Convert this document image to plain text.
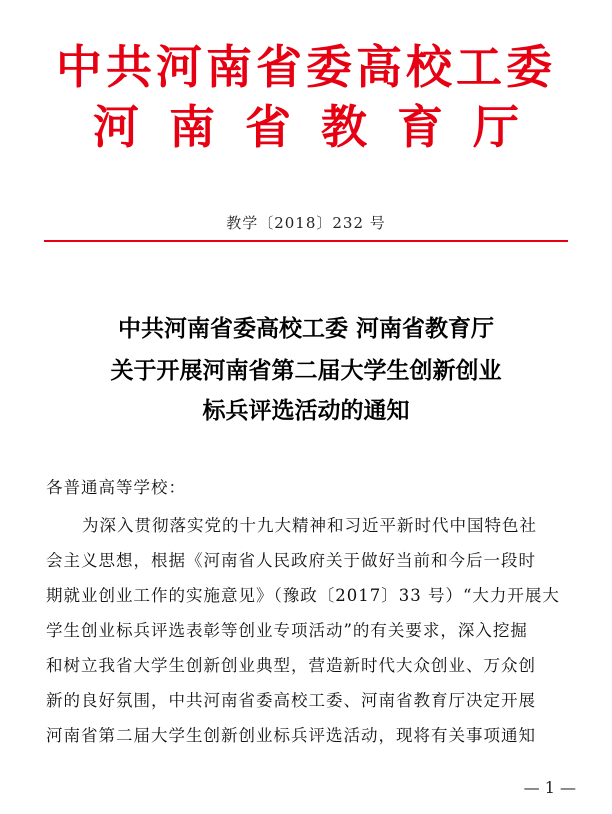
中共河南省委高校工委
河南省教育厅
教学〔2018〕232 号
中共河南省委高校工委 河南省教育厅
关于开展河南省第二届大学生创新创业
标兵评选活动的通知
各普通高等学校：
为深入贯彻落实党的十九大精神和习近平新时代中国特色社
会主义思想，根据《河南省人民政府关于做好当前和今后一段时
期就业创业工作的实施意见》（豫政〔2017〕33 号）“大力开展大
学生创业标兵评选表彰等创业专项活动”的有关要求，深入挖掘
和树立我省大学生创新创业典型，营造新时代大众创业、万众创
新的良好氛围，中共河南省委高校工委、河南省教育厅决定开展
河南省第二届大学生创新创业标兵评选活动，现将有关事项通知
— 1 —
